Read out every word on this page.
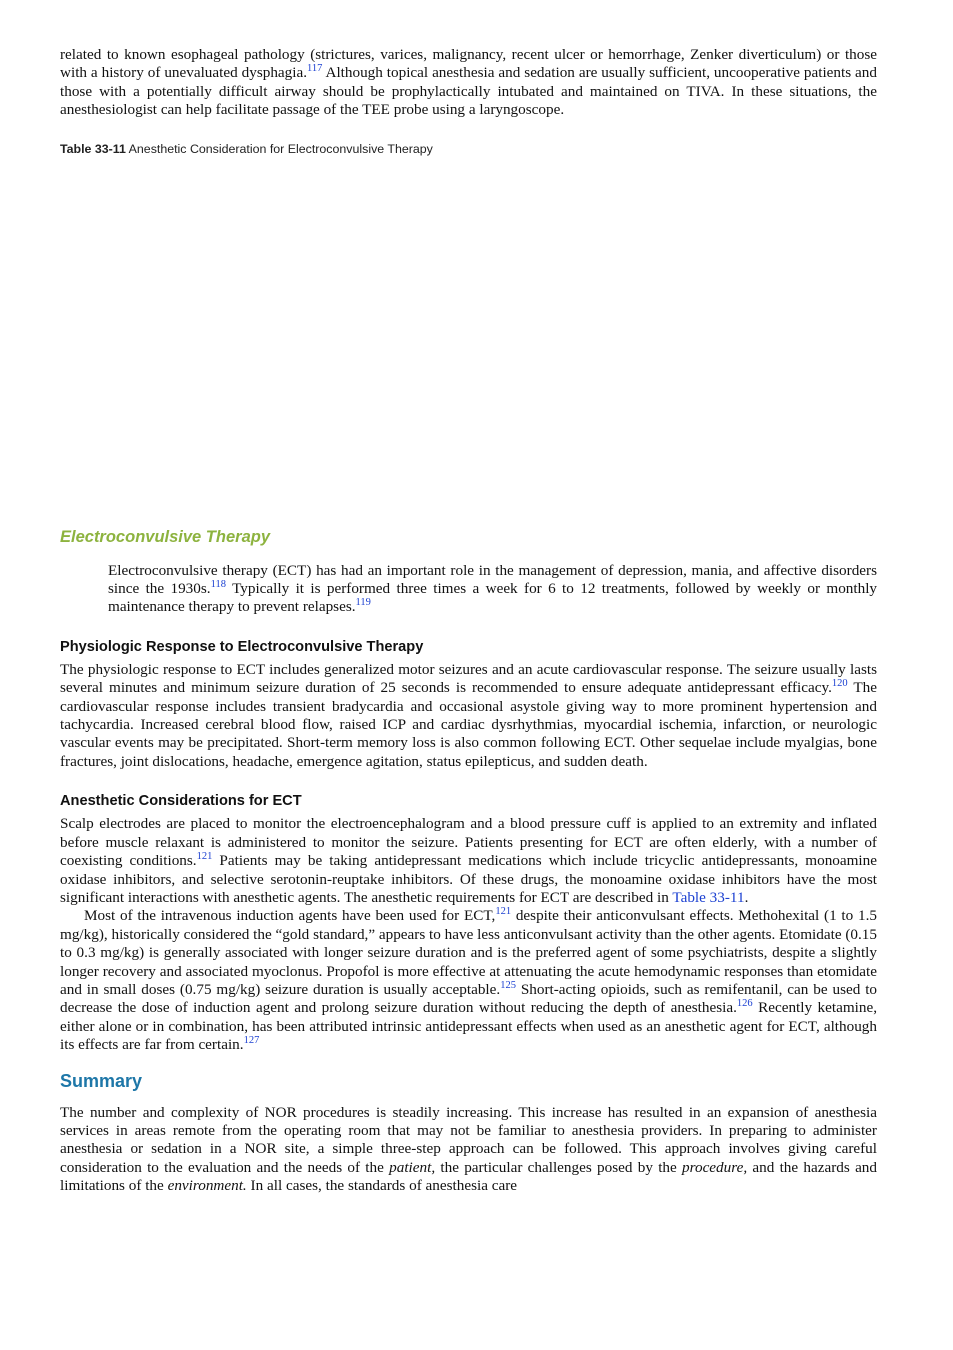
related to known esophageal pathology (strictures, varices, malignancy, recent ulcer or hemorrhage, Zenker diverticulum) or those with a history of unevaluated dysphagia.$^{117}$ Although topical anesthesia and sedation are usually sufficient, uncooperative patients and those with a potentially difficult airway should be prophylactically intubated and maintained on TIVA. In these situations, the anesthesiologist can help facilitate passage of the TEE probe using a laryngoscope.

Table 33-11 Anesthetic Consideration for Electroconvulsive Therapy
Electroconvulsive Therapy

Electroconvulsive therapy (ECT) has had an important role in the management of depression, mania, and affective disorders since the 1930s.$^{118}$ Typically it is performed three times a week for 6 to 12 treatments, followed by weekly or monthly maintenance therapy to prevent relapses.$^{119}$

Physiologic Response to Electroconvulsive Therapy

The physiologic response to ECT includes generalized motor seizures and an acute cardiovascular response. The seizure usually lasts several minutes and minimum seizure duration of 25 seconds is recommended to ensure adequate antidepressant efficacy.$^{120}$ The cardiovascular response includes transient bradycardia and occasional asystole giving way to more prominent hypertension and tachycardia. Increased cerebral blood flow, raised ICP and cardiac dysrhythmias, myocardial ischemia, infarction, or neurologic vascular events may be precipitated. Short-term memory loss is also common following ECT. Other sequelae include myalgias, bone fractures, joint dislocations, headache, emergence agitation, status epilepticus, and sudden death.

Anesthetic Considerations for ECT

Scalp electrodes are placed to monitor the electroencephalogram and a blood pressure cuff is applied to an extremity and inflated before muscle relaxant is administered to monitor the seizure. Patients presenting for ECT are often elderly, with a number of coexisting conditions.$^{121}$ Patients may be taking antidepressant medications which include tricyclic antidepressants, monoamine oxidase inhibitors, and selective serotonin-reuptake inhibitors. Of these drugs, the monoamine oxidase inhibitors have the most significant interactions with anesthetic agents. The anesthetic requirements for ECT are described in Table 33-11.

Most of the intravenous induction agents have been used for ECT,$^{121}$ despite their anticonvulsant effects. Methohexital (1 to 1.5 mg/kg), historically considered the “gold standard,” appears to have less anticonvulsant activity than the other agents. Etomidate (0.15 to 0.3 mg/kg) is generally associated with longer seizure duration and is the preferred agent of some psychiatrists, despite a slightly longer recovery and associated myoclonus. Propofol is more effective at attenuating the acute hemodynamic responses than etomidate and in small doses (0.75 mg/kg) seizure duration is usually acceptable.$^{125}$ Short-acting opioids, such as remifentanil, can be used to decrease the dose of induction agent and prolong seizure duration without reducing the depth of anesthesia.$^{126}$ Recently ketamine, either alone or in combination, has been attributed intrinsic antidepressant effects when used as an anesthetic agent for ECT, although its effects are far from certain.$^{127}$

Summary

The number and complexity of NOR procedures is steadily increasing. This increase has resulted in an expansion of anesthesia services in areas remote from the operating room that may not be familiar to anesthesia providers. In preparing to administer anesthesia or sedation in a NOR site, a simple three-step approach can be followed. This approach involves giving careful consideration to the evaluation and the needs of the patient, the particular challenges posed by the procedure, and the hazards and limitations of the environment. In all cases, the standards of anesthesia care
